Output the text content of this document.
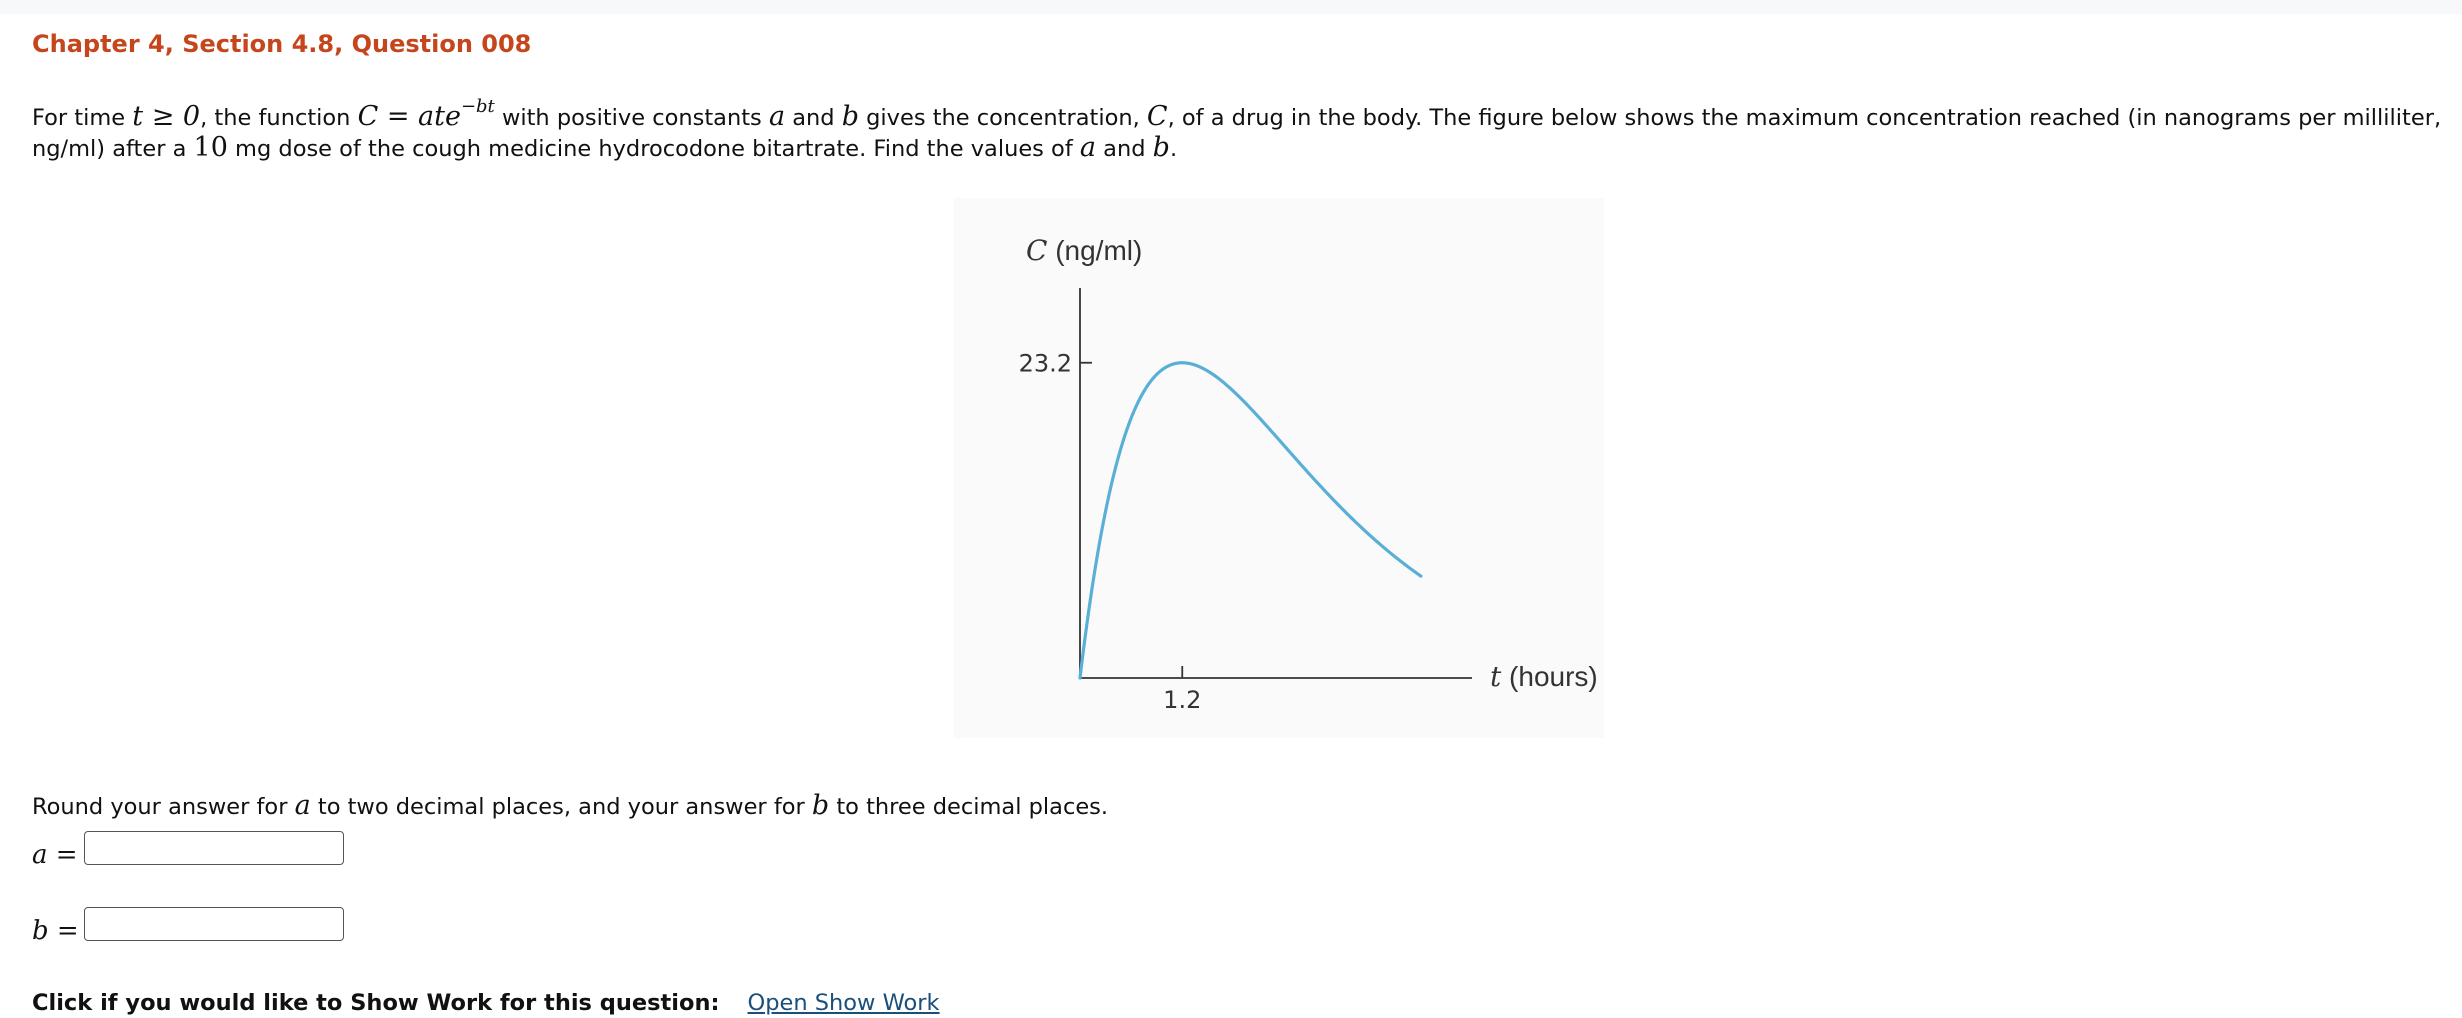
Chapter 4, Section 4.8, Question 008
For time t ≥ 0, the function C = ate$^{-bt}$ with positive constants a and b gives the concentration, C, of a drug in the body. The figure below shows the maximum concentration reached (in nanograms per milliliter, ng/ml) after a 10 mg dose of the cough medicine hydrocodone bitartrate. Find the values of a and b.
C (ng/ml)
23.2
1.2
t (hours)
Round your answer for a to two decimal places, and your answer for b to three decimal places.
a =
b =
Click if you would like to Show Work for this question: Open Show Work
